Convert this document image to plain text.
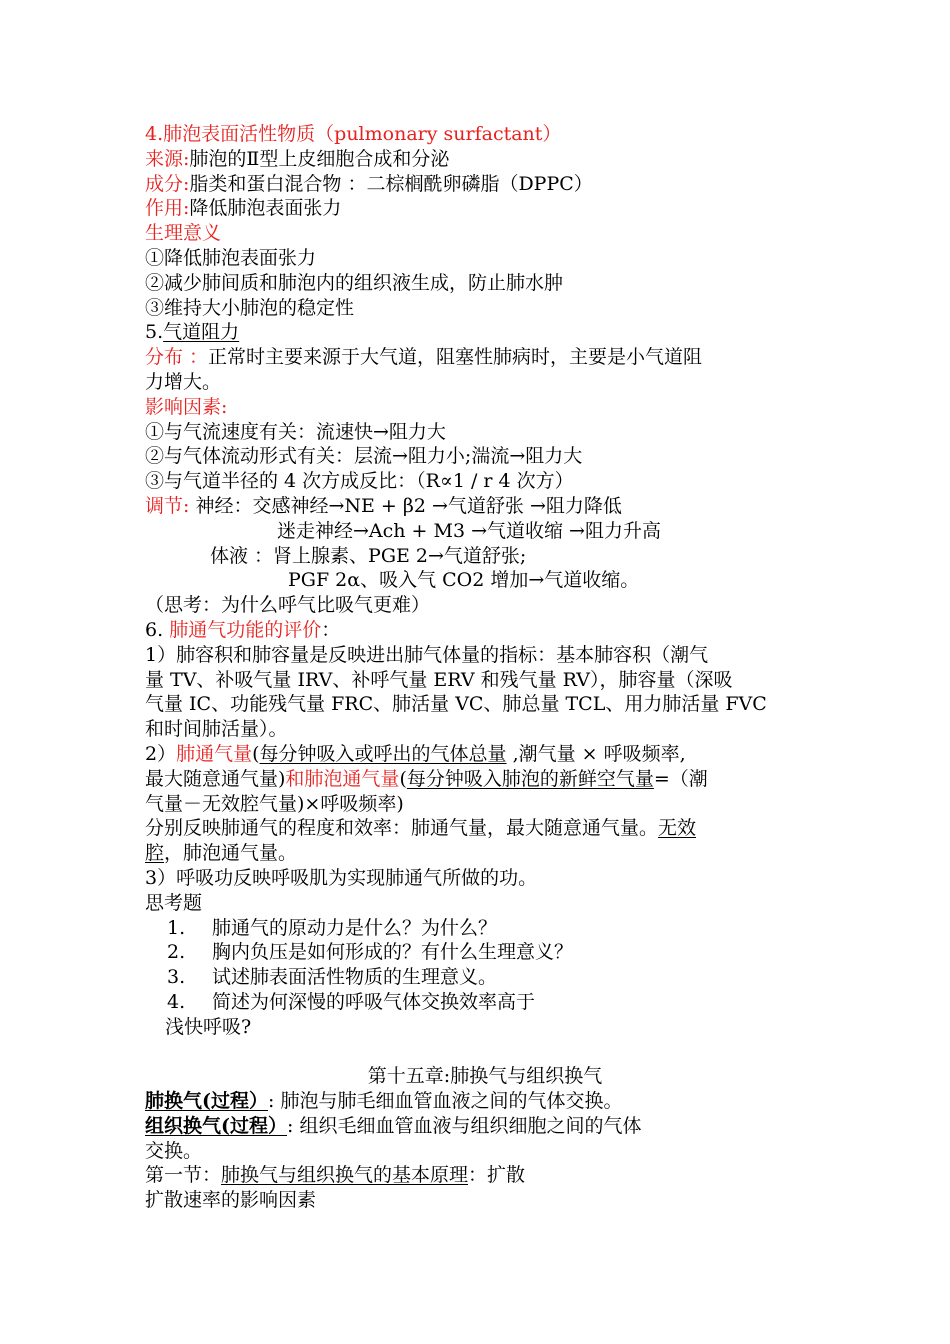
4.肺泡表面活性物质（pulmonary surfactant）
来源:肺泡的Ⅱ型上皮细胞合成和分泌
成分:脂类和蛋白混合物 ：二棕榈酰卵磷脂（DPPC）
作用:降低肺泡表面张力
生理意义
①降低肺泡表面张力
②减少肺间质和肺泡内的组织液生成，防止肺水肿
③维持大小肺泡的稳定性
5.气道阻力
分布 ：正常时主要来源于大气道，阻塞性肺病时，主要是小气道阻
力增大。
影响因素:
①与气流速度有关：流速快→阻力大
②与气体流动形式有关：层流→阻力小;湍流→阻力大
③与气道半径的 4 次方成反比：（R∝1 / r 4 次方）
调节: 神经：交感神经→NE + β2 →气道舒张 →阻力降低
迷走神经→Ach + M3 →气道收缩 →阻力升高
体液 ：肾上腺素、PGE 2→气道舒张;
PGF 2α、吸入气 CO2 增加→气道收缩。
（思考：为什么呼气比吸气更难）
6. 肺通气功能的评价：
1）肺容积和肺容量是反映进出肺气体量的指标：基本肺容积（潮气
量 TV、补吸气量 IRV、补呼气量 ERV 和残气量 RV），肺容量（深吸
气量 IC、功能残气量 FRC、肺活量 VC、肺总量 TCL、用力肺活量 FVC
和时间肺活量）。
2）肺通气量(每分钟吸入或呼出的气体总量 ,潮气量 × 呼吸频率,
最大随意通气量)和肺泡通气量(每分钟吸入肺泡的新鲜空气量=（潮
气量－无效腔气量)×呼吸频率)
分别反映肺通气的程度和效率：肺通气量，最大随意通气量。无效
腔，肺泡通气量。
3）呼吸功反映呼吸肌为实现肺通气所做的功。
思考题
1. 肺通气的原动力是什么？为什么？
2. 胸内负压是如何形成的？有什么生理意义？
3. 试述肺表面活性物质的生理意义。
4. 简述为何深慢的呼吸气体交换效率高于
浅快呼吸?
第十五章:肺换气与组织换气
肺换气(过程）: 肺泡与肺毛细血管血液之间的气体交换。
组织换气(过程）: 组织毛细血管血液与组织细胞之间的气体
交换。
第一节：肺换气与组织换气的基本原理：扩散
扩散速率的影响因素
